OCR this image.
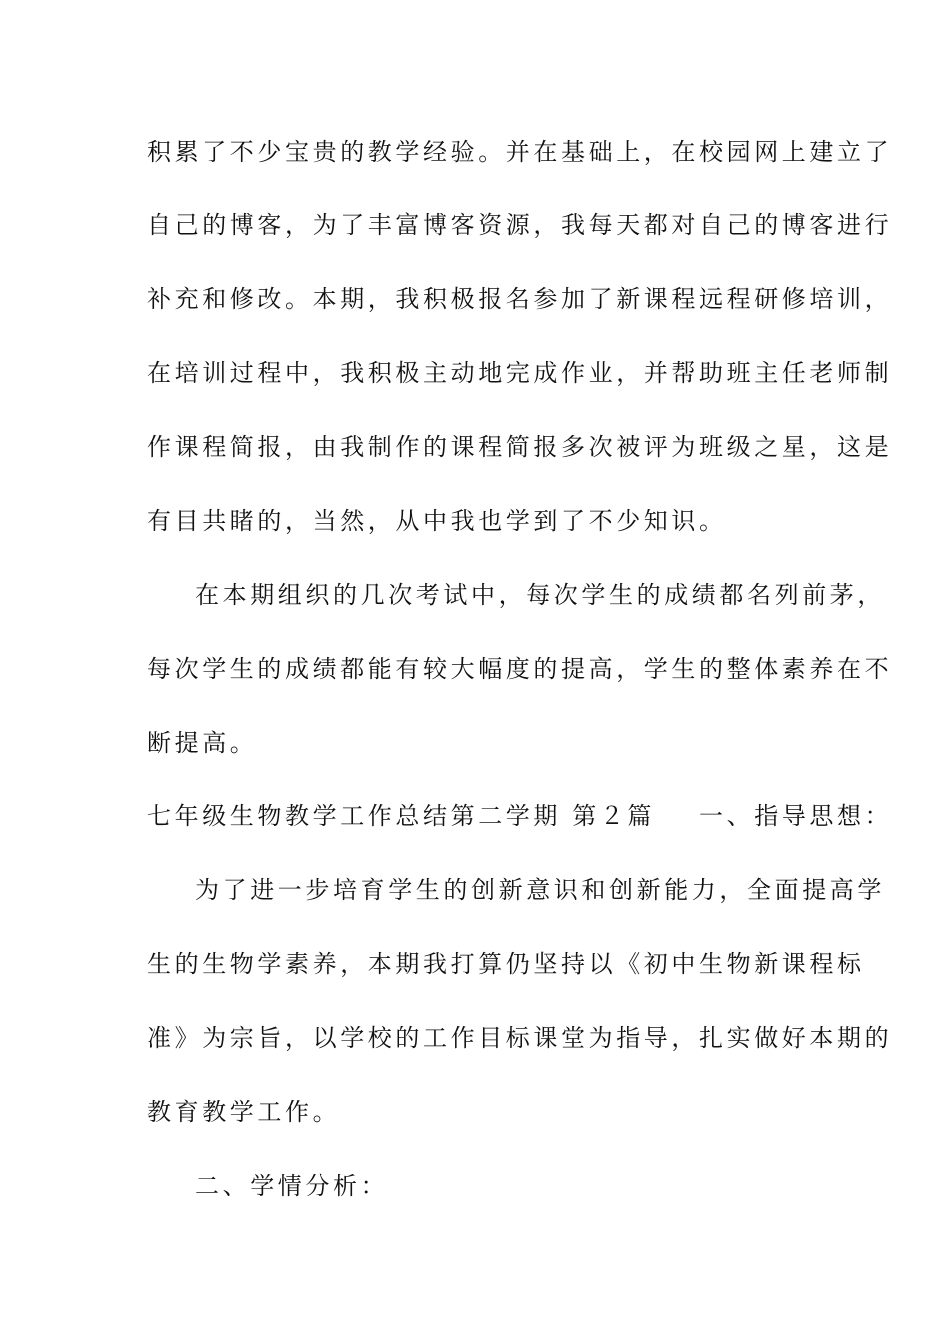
积累了不少宝贵的教学经验。并在基础上，在校园网上建立了
自己的博客，为了丰富博客资源，我每天都对自己的博客进行
补充和修改。本期，我积极报名参加了新课程远程研修培训，
在培训过程中，我积极主动地完成作业，并帮助班主任老师制
作课程简报，由我制作的课程简报多次被评为班级之星，这是
有目共睹的，当然，从中我也学到了不少知识。
在本期组织的几次考试中，每次学生的成绩都名列前茅，
每次学生的成绩都能有较大幅度的提高，学生的整体素养在不
断提高。
七年级生物教学工作总结第二学期 第２篇 一、指导思想：
为了进一步培育学生的创新意识和创新能力，全面提高学
生的生物学素养，本期我打算仍坚持以《初中生物新课程标
准》为宗旨，以学校的工作目标课堂为指导，扎实做好本期的
教育教学工作。
二、学情分析：
